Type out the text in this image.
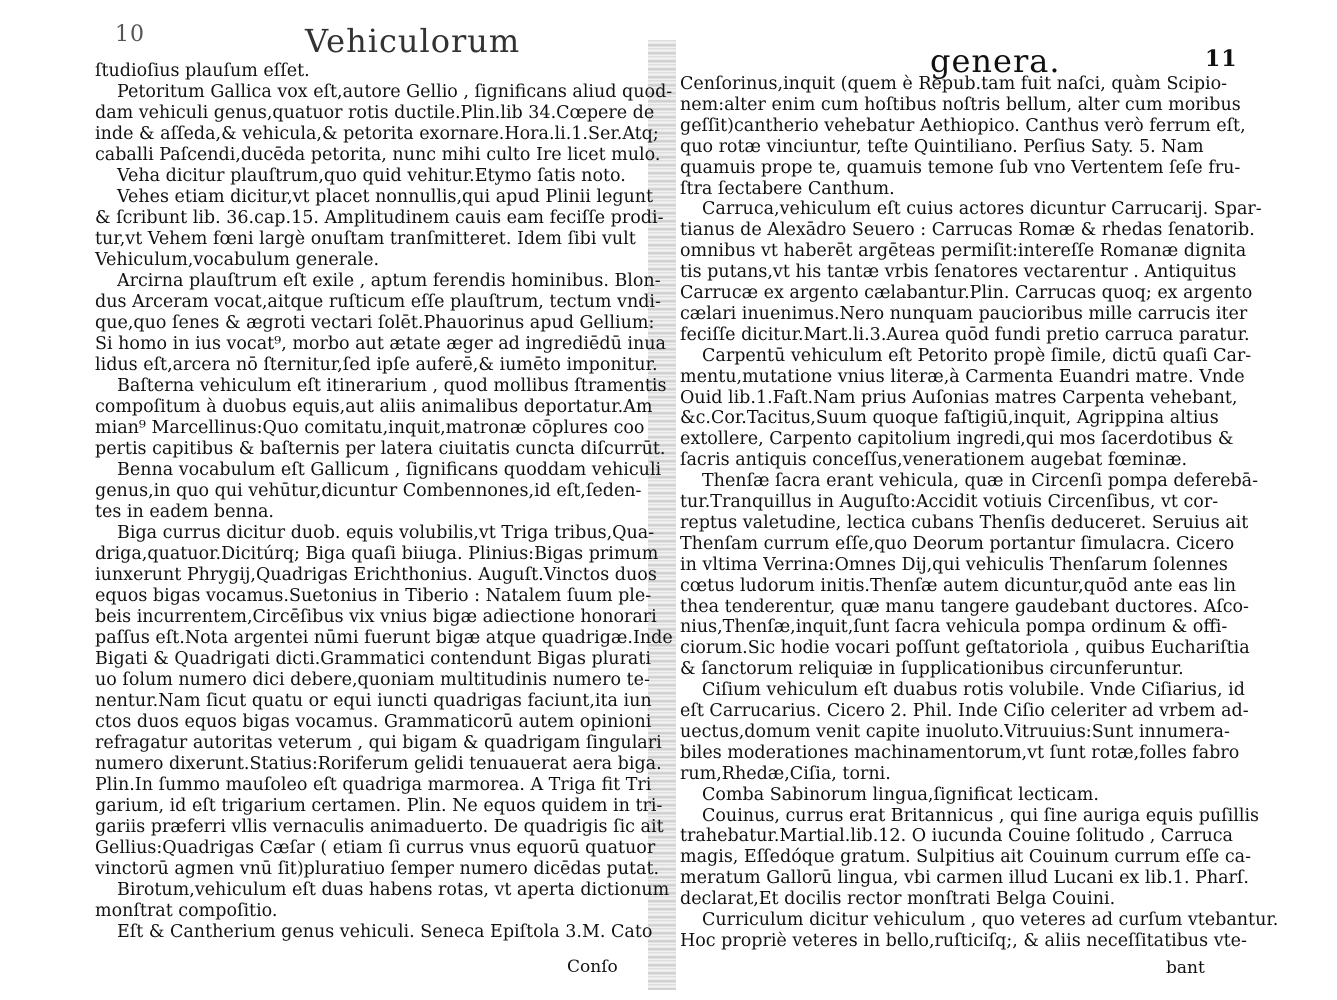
10	Vehiculorum
ſtudioſius plauſum eſſet.
Petoritum Gallica vox eſt,autore Gellio , ſignificans aliud quod-
dam vehiculi genus,quatuor rotis ductile.Plin.lib 34.Cœpere de
inde & aſſeda,& vehicula,& petorita exornare.Hora.li.1.Ser.Atq;
caballi Paſcendi,ducēda petorita, nunc mihi culto Ire licet mulo.
Veha dicitur plauſtrum,quo quid vehitur.Etymo ſatis noto.
Vehes etiam dicitur,vt placet nonnullis,qui apud Plinii legunt
& ſcribunt lib. 36.cap.15. Amplitudinem cauis eam feciſſe prodi-
tur,vt Vehem fœni largè onuſtam tranſmitteret. Idem ſibi vult
Vehiculum,vocabulum generale.
Arcirna plauſtrum eſt exile , aptum ferendis hominibus. Blon-
dus Arceram vocat,aitque ruſticum eſſe plauſtrum, tectum vndi-
que,quo ſenes & ægroti vectari ſolēt.Phauorinus apud Gellium:
Si homo in ius vocat⁹, morbo aut ætate æger ad ingrediēdū inua
lidus eſt,arcera nō ſternitur,ſed ipſe auferē,& iumēto imponitur.
Baſterna vehiculum eſt itinerarium , quod mollibus ſtramentis
compoſitum à duobus equis,aut aliis animalibus deportatur.Am
mian⁹ Marcellinus:Quo comitatu,inquit,matronæ cōplures coo
pertis capitibus & baſternis per latera ciuitatis cuncta diſcurrūt.
Benna vocabulum eſt Gallicum , ſignificans quoddam vehiculi
genus,in quo qui vehūtur,dicuntur Combennones,id eſt,ſeden-
tes in eadem benna.
Biga currus dicitur duob. equis volubilis,vt Triga tribus,Qua-
driga,quatuor.Dicitúrq; Biga quaſi biiuga. Plinius:Bigas primum
iunxerunt Phrygij,Quadrigas Erichthonius. Auguſt.Vinctos duos
equos bigas vocamus.Suetonius in Tiberio : Natalem ſuum ple-
beis incurrentem,Circēſibus vix vnius bigæ adiectione honorari
paſſus eſt.Nota argentei nūmi fuerunt bigæ atque quadrigæ.Inde
Bigati & Quadrigati dicti.Grammatici contendunt Bigas plurati
uo ſolum numero dici debere,quoniam multitudinis numero te-
nentur.Nam ſicut quatu or equi iuncti quadrigas faciunt,ita iun
ctos duos equos bigas vocamus. Grammaticorū autem opinioni
refragatur autoritas veterum , qui bigam & quadrigam ſingulari
numero dixerunt.Statius:Roriferum gelidi tenuauerat aera biga.
Plin.In ſummo mauſoleo eſt quadriga marmorea. A Triga fit Tri
garium, id eſt trigarium certamen. Plin. Ne equos quidem in tri-
gariis præferri vllis vernaculis animaduerto. De quadrigis ſic ait
Gellius:Quadrigas Cæſar ( etiam ſi currus vnus equorū quatuor
vinctorū agmen vnū ſit)pluratiuo ſemper numero dicēdas putat.
Birotum,vehiculum eſt duas habens rotas, vt aperta dictionum
monſtrat compoſitio.
Eſt & Cantherium genus vehiculi. Seneca Epiſtola 3.M. Cato
Conſo
genera.	11
Cenſorinus,inquit (quem è Repub.tam fuit naſci, quàm Scipio-
nem:alter enim cum hoſtibus noſtris bellum, alter cum moribus
geſſit)cantherio vehebatur Aethiopico. Canthus verò ferrum eſt,
quo rotæ vinciuntur, teſte Quintiliano. Perſius Saty. 5. Nam
quamuis prope te, quamuis temone ſub vno Vertentem ſeſe fru-
ſtra ſectabere Canthum.
Carruca,vehiculum eſt cuius actores dicuntur Carrucarij. Spar-
tianus de Alexādro Seuero : Carrucas Romæ & rhedas ſenatorib.
omnibus vt haberēt argēteas permiſit:intereſſe Romanæ dignita
tis putans,vt his tantæ vrbis ſenatores vectarentur . Antiquitus
Carrucæ ex argento cælabantur.Plin. Carrucas quoq; ex argento
cælari inuenimus.Nero nunquam paucioribus mille carrucis iter
feciſſe dicitur.Mart.li.3.Aurea quōd fundi pretio carruca paratur.
Carpentū vehiculum eſt Petorito propè ſimile, dictū quaſi Car-
mentu,mutatione vnius literæ,à Carmenta Euandri matre. Vnde
Ouid lib.1.Faſt.Nam prius Auſonias matres Carpenta vehebant,
&c.Cor.Tacitus,Suum quoque faſtigiū,inquit, Agrippina altius
extollere, Carpento capitolium ingredi,qui mos ſacerdotibus &
ſacris antiquis conceſſus,venerationem augebat fœminæ.
Thenſæ ſacra erant vehicula, quæ in Circenſi pompa deferebā-
tur.Tranquillus in Auguſto:Accidit votiuis Circenſibus, vt cor-
reptus valetudine, lectica cubans Thenſis deduceret. Seruius ait
Thenſam currum eſſe,quo Deorum portantur ſimulacra. Cicero
in vltima Verrina:Omnes Dij,qui vehiculis Thenſarum ſolennes
cœtus ludorum initis.Thenſæ autem dicuntur,quōd ante eas lin
thea tenderentur, quæ manu tangere gaudebant ductores. Aſco-
nius,Thenſæ,inquit,ſunt ſacra vehicula pompa ordinum & offi-
ciorum.Sic hodie vocari poſſunt geſtatoriola , quibus Euchariſtia
& ſanctorum reliquiæ in ſupplicationibus circunferuntur.
Ciſium vehiculum eſt duabus rotis volubile. Vnde Ciſiarius, id
eſt Carrucarius. Cicero 2. Phil. Inde Ciſio celeriter ad vrbem ad-
uectus,domum venit capite inuoluto.Vitruuius:Sunt innumera-
biles moderationes machinamentorum,vt ſunt rotæ,folles fabro
rum,Rhedæ,Ciſia, torni.
Comba Sabinorum lingua,ſignificat lecticam.
Couinus, currus erat Britannicus , qui ſine auriga equis puſillis
trahebatur.Martial.lib.12. O iucunda Couine ſolitudo , Carruca
magis, Eſſedóque gratum. Sulpitius ait Couinum currum eſſe ca-
meratum Gallorū lingua, vbi carmen illud Lucani ex lib.1. Pharſ.
declarat,Et docilis rector monſtrati Belga Couini.
Curriculum dicitur vehiculum , quo veteres ad curſum vtebantur.
Hoc propriè veteres in bello,ruſticiſq;, & aliis neceſſitatibus vte-
bant
